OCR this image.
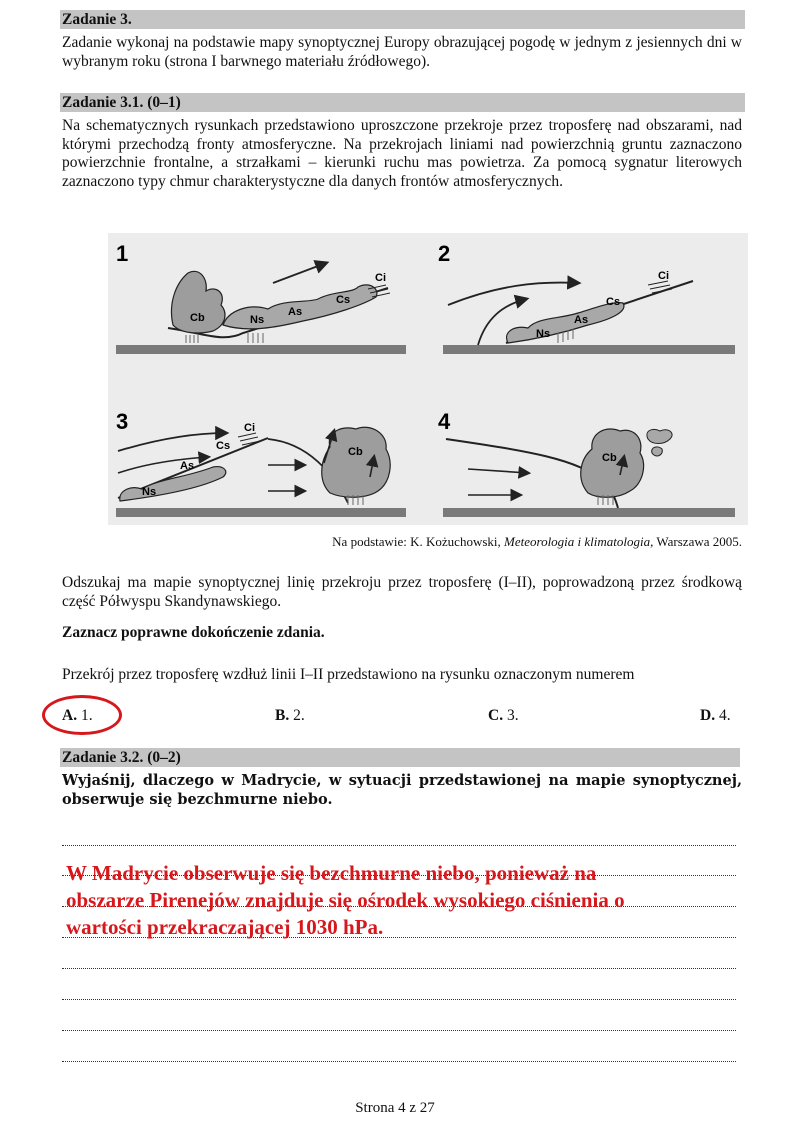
Zadanie 3.
Zadanie wykonaj na podstawie mapy synoptycznej Europy obrazującej pogodę w jednym z jesiennych dni w wybranym roku (strona I barwnego materiału źródłowego).
Zadanie 3.1. (0–1)
Na schematycznych rysunkach przedstawiono uproszczone przekroje przez troposferę nad obszarami, nad którymi przechodzą fronty atmosferyczne. Na przekrojach liniami nad powierzchnią gruntu zaznaczono powierzchnie frontalne, a strzałkami – kierunki ruchu mas powietrza. Za pomocą sygnatur literowych zaznaczono typy chmur charakterystyczne dla danych frontów atmosferycznych.
1
Ci
Cs
As
Ns
Cb
2
Ci
Cs
As
Ns
3	Ci
Cs
As
Ns
Cb
4
Cb
Na podstawie: K. Kożuchowski, Meteorologia i klimatologia, Warszawa 2005.
Odszukaj ma mapie synoptycznej linię przekroju przez troposferę (I–II), poprowadzoną przez środkową część Półwyspu Skandynawskiego.
Zaznacz poprawne dokończenie zdania.
Przekrój przez troposferę wzdłuż linii I–II przedstawiono na rysunku oznaczonym numerem
A. 1.	B. 2.	C. 3.	D. 4.
Zadanie 3.2. (0–2)
Wyjaśnij, dlaczego w Madrycie, w sytuacji przedstawionej na mapie synoptycznej, obserwuje się bezchmurne niebo.
W Madrycie obserwuje się bezchmurne niebo, ponieważ na
obszarze Pirenejów znajduje się ośrodek wysokiego ciśnienia o
wartości przekraczającej 1030 hPa.
Strona 4 z 27
